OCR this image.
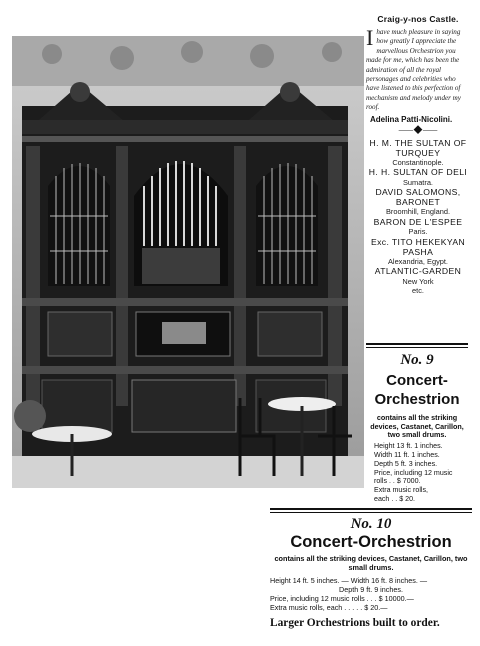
Craig-y-nos Castle.

Ihave much pleasure in saying how greatly I appreciate the marvellous Orchestrion you made for me, which has been the admiration of all the royal personages and celebrities who have listened to this perfection of mechanism and melody under my roof.

Adelina Patti-Nicolini.
⸺◆⸺
H. M. THE SULTAN OF TURQUEY
Constantinople.
H. H. SULTAN OF DELI
Sumatra.
DAVID SALOMONS, BARONET
Broomhill, England.
BARON DE L'ESPEE
Paris.
Exc. TITO HEKEKYAN PASHA
Alexandria, Egypt.
ATLANTIC-GARDEN
New York
etc.
No. 9
Concert-Orchestrion
contains all the striking devices, Castanet, Carillon, two small drums.
Height 13 ft. 1 inches.
Width 11 ft. 1 inches.
Depth 5 ft. 3 inches.
Price, including 12 music
rolls . . $ 7000.
Extra music rolls,
each . . $ 20.
No. 10
Concert-Orchestrion
contains all the striking devices, Castanet, Carillon, two small drums.
Height 14 ft. 5 inches. — Width 16 ft. 8 inches. —
Depth 9 ft. 9 inches.
Price, including 12 music rolls . . . $ 10000.—
Extra music rolls, each . . . . . $ 20.—
Larger Orchestrions built to order.
